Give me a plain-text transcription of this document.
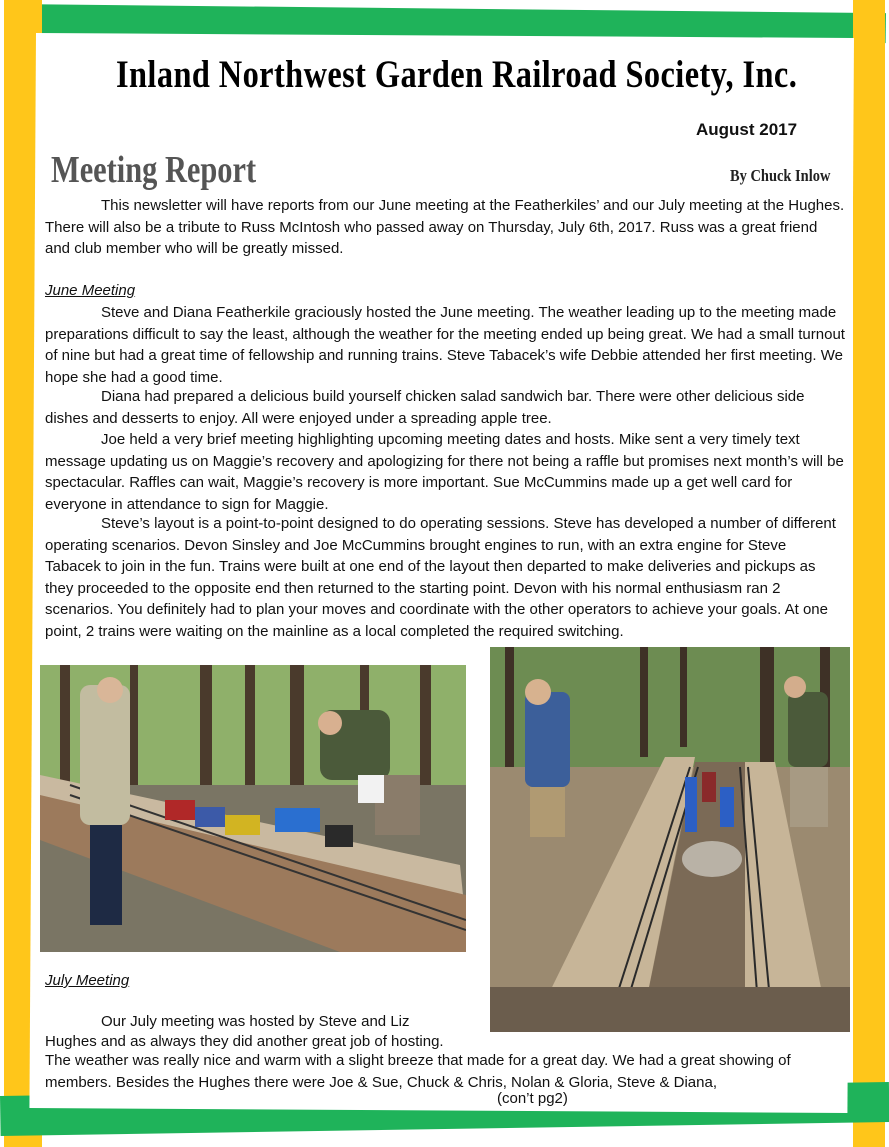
Inland Northwest Garden Railroad Society, Inc.
August 2017
Meeting Report	By Chuck Inlow

This newsletter will have reports from our June meeting at the Featherkiles’ and our July meeting at the Hughes. There will also be a tribute to Russ McIntosh who passed away on Thursday, July 6th, 2017. Russ was a great friend and club member who will be greatly missed.

June Meeting

Steve and Diana Featherkile graciously hosted the June meeting. The weather leading up to the meeting made preparations difficult to say the least, although the weather for the meeting ended up being great. We had a small turnout of nine but had a great time of fellowship and running trains. Steve Tabacek’s wife Debbie attended her first meeting. We hope she had a good time.

Diana had prepared a delicious build yourself chicken salad sandwich bar. There were other delicious side dishes and desserts to enjoy. All were enjoyed under a spreading apple tree.

Joe held a very brief meeting highlighting upcoming meeting dates and hosts. Mike sent a very timely text message updating us on Maggie’s recovery and apologizing for there not being a raffle but promises next month’s will be spectacular. Raffles can wait, Maggie’s recovery is more important. Sue McCummins made up a get well card for everyone in attendance to sign for Maggie.

Steve’s layout is a point-to-point designed to do operating sessions. Steve has developed a number of different operating scenarios. Devon Sinsley and Joe McCummins brought engines to run, with an extra engine for Steve Tabacek to join in the fun. Trains were built at one end of the layout then departed to make deliveries and pickups as they proceeded to the opposite end then returned to the starting point. Devon with his normal enthusiasm ran 2 scenarios. You definitely had to plan your moves and coordinate with the other operators to achieve your goals. At one point, 2 trains were waiting on the mainline as a local completed the required switching.

July Meeting
Our July meeting was hosted by Steve and Liz
Hughes and as always they did another great job of hosting.
The weather was really nice and warm with a slight breeze that made for a great day. We had a great showing of members. Besides the Hughes there were Joe & Sue, Chuck & Chris, Nolan & Gloria, Steve & Diana,
(con’t pg2)
